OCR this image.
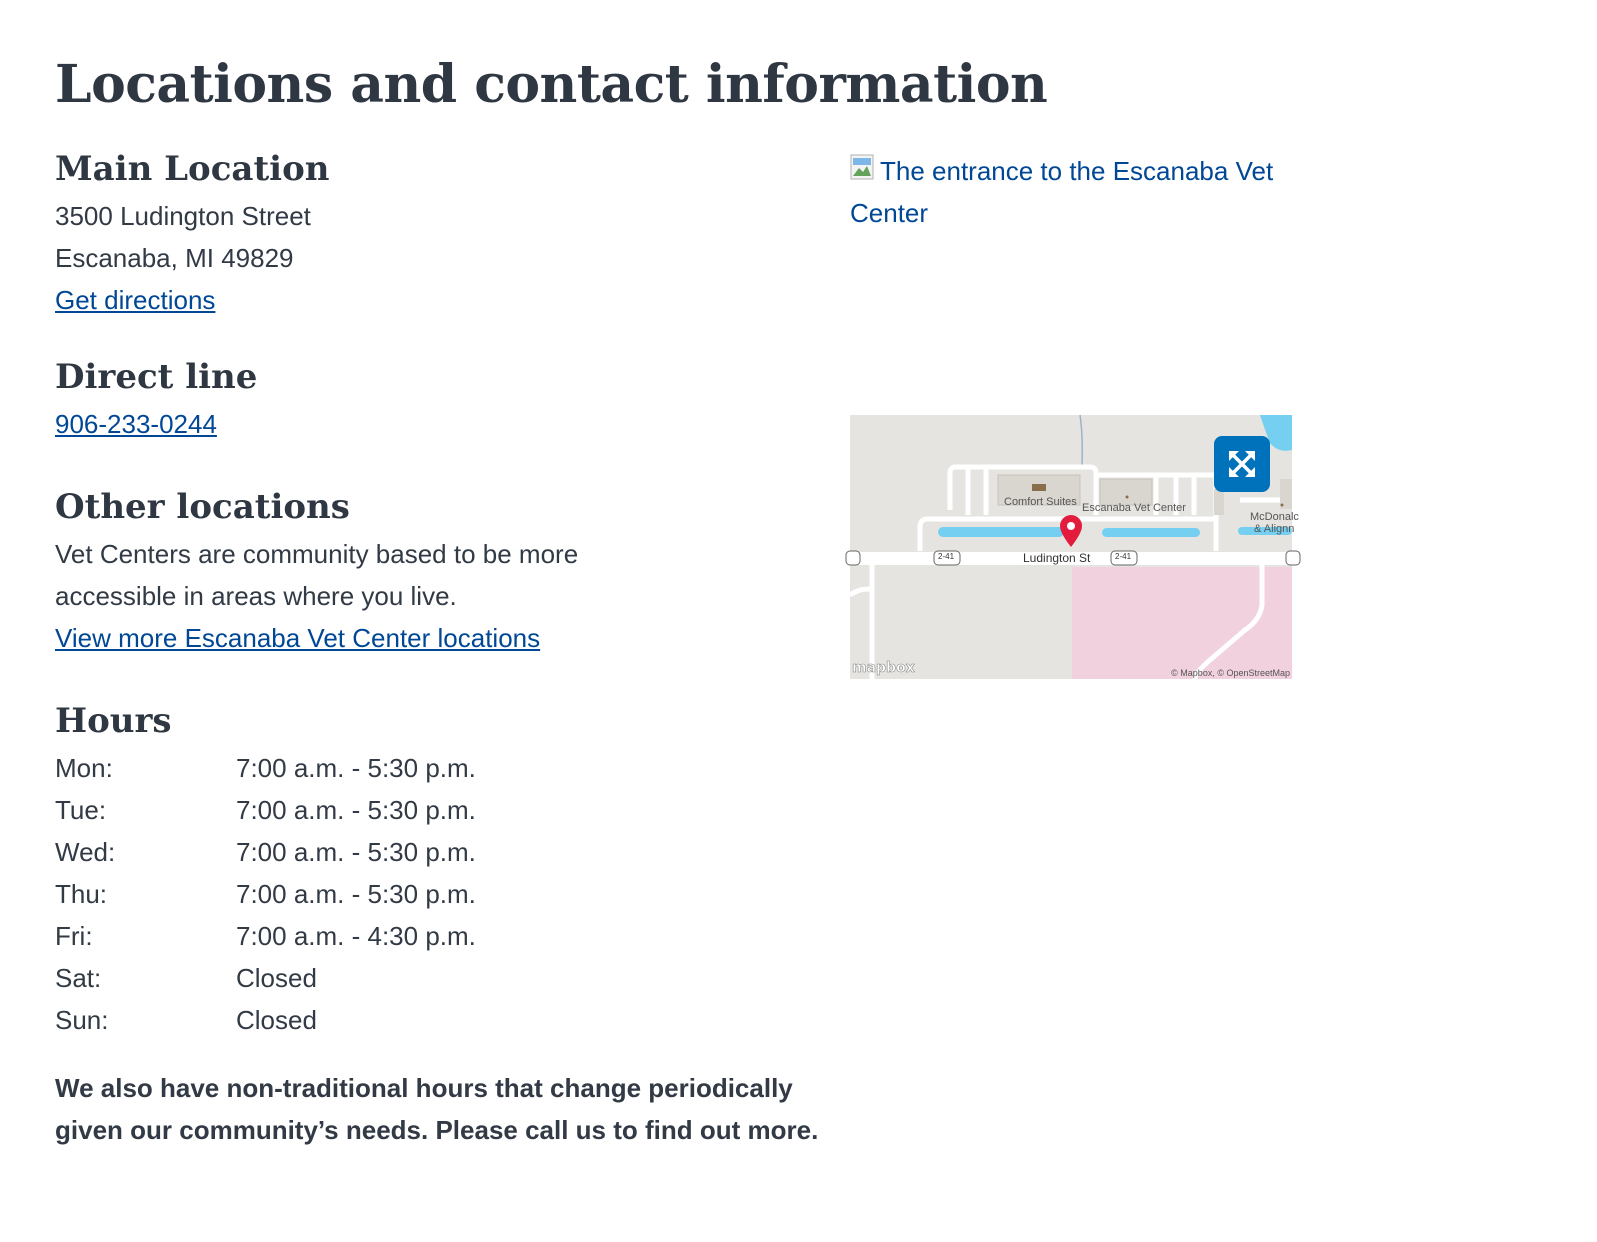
Locations and contact information
Main Location
3500 Ludington Street
Escanaba, MI 49829
Get directions
Direct line
906-233-0244
Other locations
Vet Centers are community based to be more
accessible in areas where you live.
View more Escanaba Vet Center locations
Hours
Mon:	7:00 a.m. - 5:30 p.m.
Tue:	7:00 a.m. - 5:30 p.m.
Wed:	7:00 a.m. - 5:30 p.m.
Thu:	7:00 a.m. - 5:30 p.m.
Fri:	7:00 a.m. - 4:30 p.m.
Sat:	Closed
Sun:	Closed
We also have non-traditional hours that change periodically
given our community’s needs. Please call us to find out more.
The entrance to the Escanaba Vet Center
Comfort Suites Escanaba Vet Center
McDonalc
& Alignn
Ludington St
2-41	2-41
mapbox	© Mapbox, © OpenStreetMap
